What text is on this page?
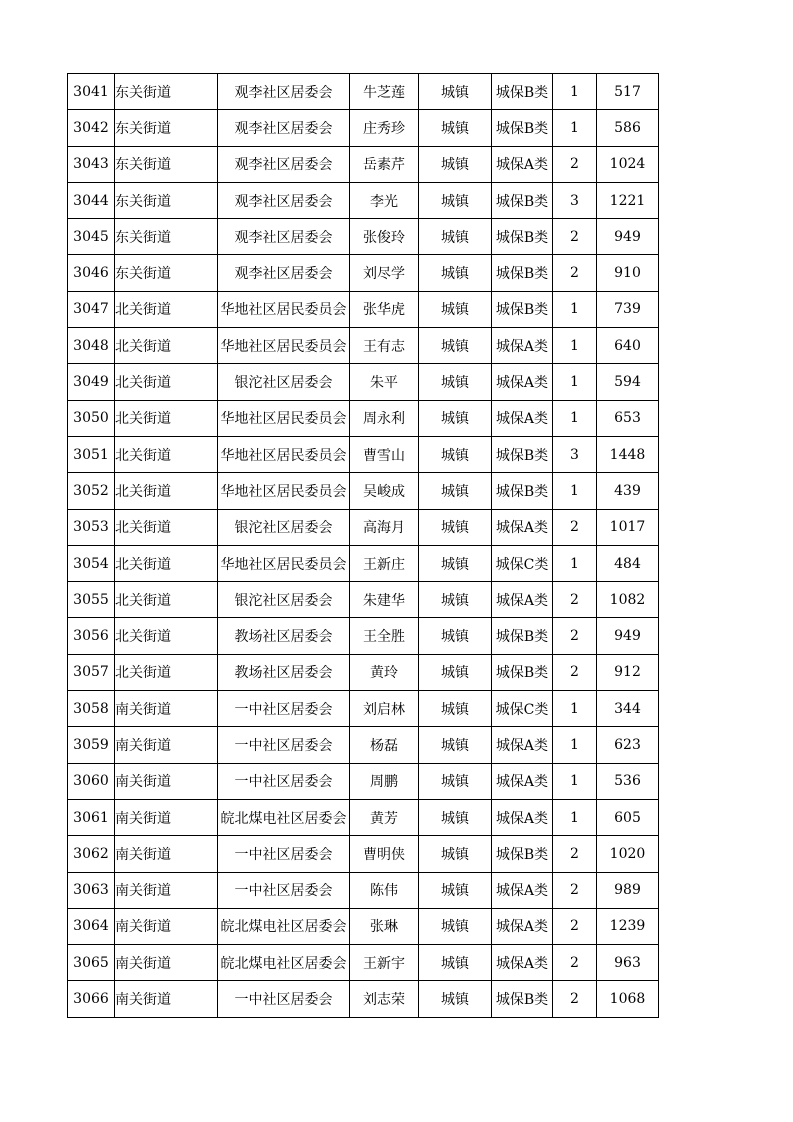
3041	东关街道	观李社区居委会	牛芝莲	城镇	城保B类	1	517
3042	东关街道	观李社区居委会	庄秀珍	城镇	城保B类	1	586
3043	东关街道	观李社区居委会	岳素芹	城镇	城保A类	2	1024
3044	东关街道	观李社区居委会	李光	城镇	城保B类	3	1221
3045	东关街道	观李社区居委会	张俊玲	城镇	城保B类	2	949
3046	东关街道	观李社区居委会	刘尽学	城镇	城保B类	2	910
3047	北关街道	华地社区居民委员会	张华虎	城镇	城保B类	1	739
3048	北关街道	华地社区居民委员会	王有志	城镇	城保A类	1	640
3049	北关街道	银沱社区居委会	朱平	城镇	城保A类	1	594
3050	北关街道	华地社区居民委员会	周永利	城镇	城保A类	1	653
3051	北关街道	华地社区居民委员会	曹雪山	城镇	城保B类	3	1448
3052	北关街道	华地社区居民委员会	吴峻成	城镇	城保B类	1	439
3053	北关街道	银沱社区居委会	高海月	城镇	城保A类	2	1017
3054	北关街道	华地社区居民委员会	王新庄	城镇	城保C类	1	484
3055	北关街道	银沱社区居委会	朱建华	城镇	城保A类	2	1082
3056	北关街道	教场社区居委会	王全胜	城镇	城保B类	2	949
3057	北关街道	教场社区居委会	黄玲	城镇	城保B类	2	912
3058	南关街道	一中社区居委会	刘启林	城镇	城保C类	1	344
3059	南关街道	一中社区居委会	杨磊	城镇	城保A类	1	623
3060	南关街道	一中社区居委会	周鹏	城镇	城保A类	1	536
3061	南关街道	皖北煤电社区居委会	黄芳	城镇	城保A类	1	605
3062	南关街道	一中社区居委会	曹明侠	城镇	城保B类	2	1020
3063	南关街道	一中社区居委会	陈伟	城镇	城保A类	2	989
3064	南关街道	皖北煤电社区居委会	张琳	城镇	城保A类	2	1239
3065	南关街道	皖北煤电社区居委会	王新宇	城镇	城保A类	2	963
3066	南关街道	一中社区居委会	刘志荣	城镇	城保B类	2	1068
